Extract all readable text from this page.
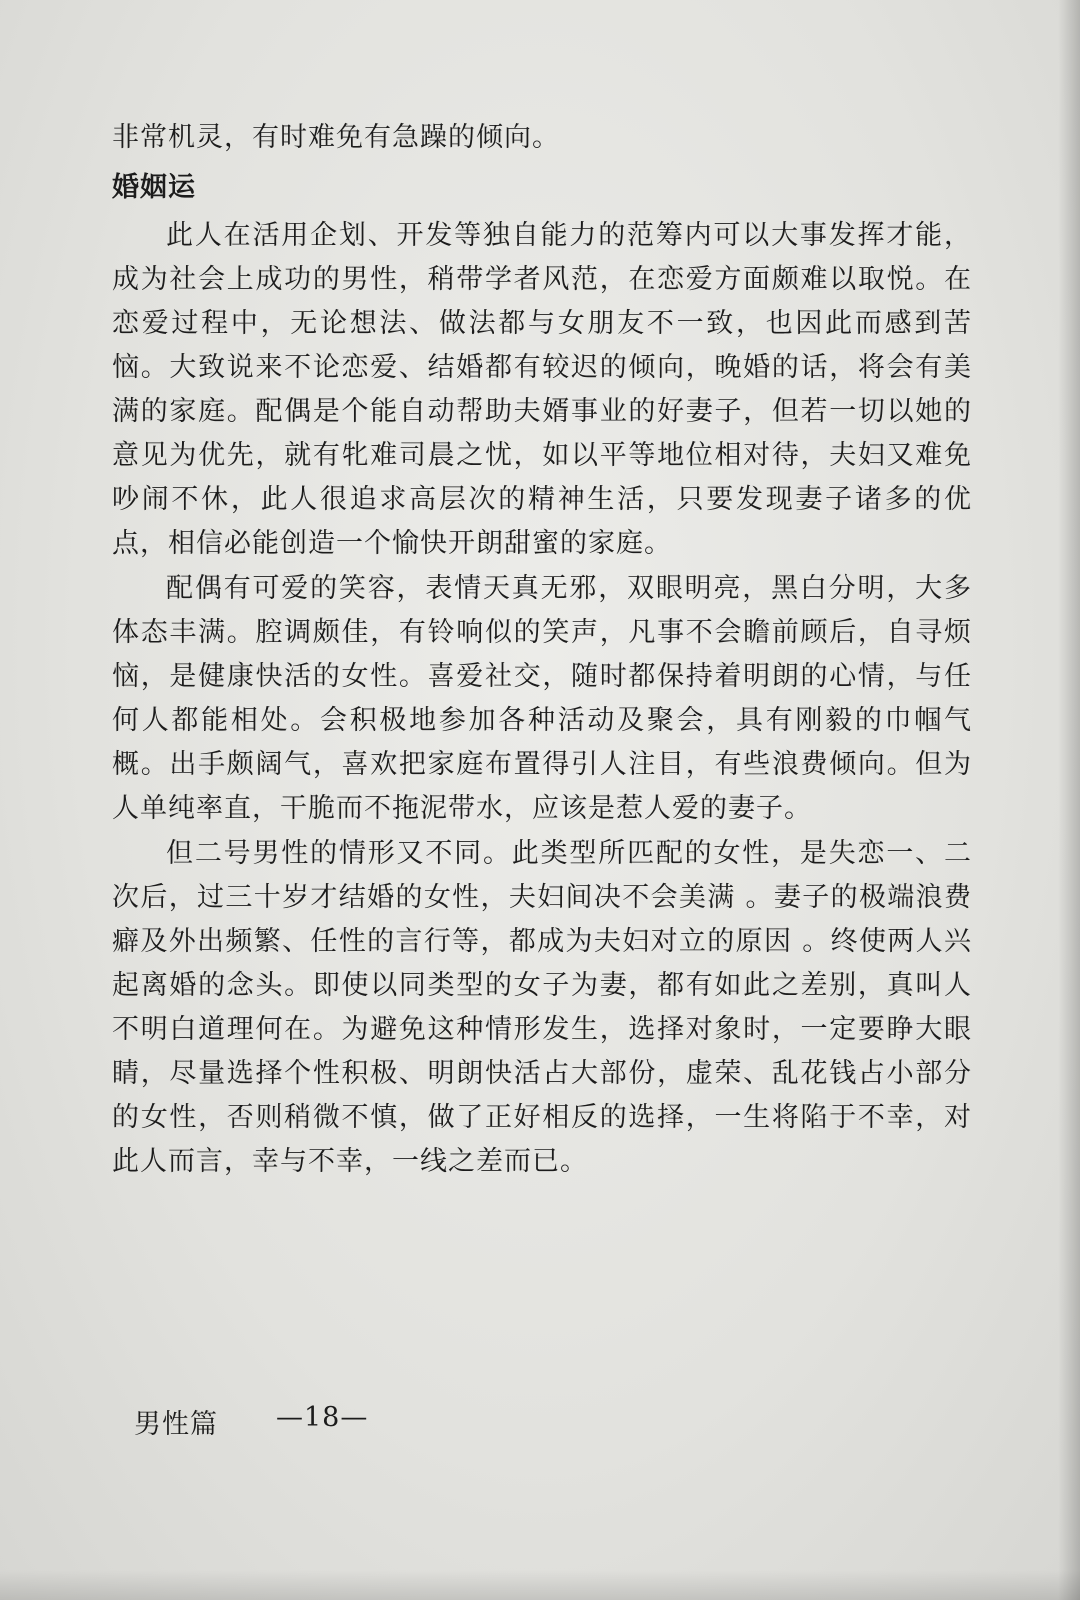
非常机灵，有时难免有急躁的倾向。

婚姻运

此人在活用企划、开发等独自能力的范筹内可以大事发挥才能，成为社会上成功的男性，稍带学者风范，在恋爱方面颇难以取悦。在恋爱过程中，无论想法、做法都与女朋友不一致，也因此而感到苦恼。大致说来不论恋爱、结婚都有较迟的倾向，晚婚的话，将会有美满的家庭。配偶是个能自动帮助夫婿事业的好妻子，但若一切以她的意见为优先，就有牝难司晨之忧，如以平等地位相对待，夫妇又难免吵闹不休，此人很追求高层次的精神生活，只要发现妻子诸多的优点，相信必能创造一个愉快开朗甜蜜的家庭。

配偶有可爱的笑容，表情天真无邪，双眼明亮，黑白分明，大多体态丰满。腔调颇佳，有铃响似的笑声，凡事不会瞻前顾后，自寻烦恼，是健康快活的女性。喜爱社交，随时都保持着明朗的心情，与任何人都能相处。会积极地参加各种活动及聚会，具有刚毅的巾帼气概。出手颇阔气，喜欢把家庭布置得引人注目，有些浪费倾向。但为人单纯率直，干脆而不拖泥带水，应该是惹人爱的妻子。

但二号男性的情形又不同。此类型所匹配的女性，是失恋一、二次后，过三十岁才结婚的女性，夫妇间决不会美满 。妻子的极端浪费癖及外出频繁、任性的言行等，都成为夫妇对立的原因 。终使两人兴起离婚的念头。即使以同类型的女子为妻，都有如此之差别，真叫人不明白道理何在。为避免这种情形发生，选择对象时，一定要睁大眼睛，尽量选择个性积极、明朗快活占大部份，虚荣、乱花钱占小部分的女性，否则稍微不慎，做了正好相反的选择，一生将陷于不幸，对此人而言，幸与不幸，一线之差而已。

男性篇 —18—
